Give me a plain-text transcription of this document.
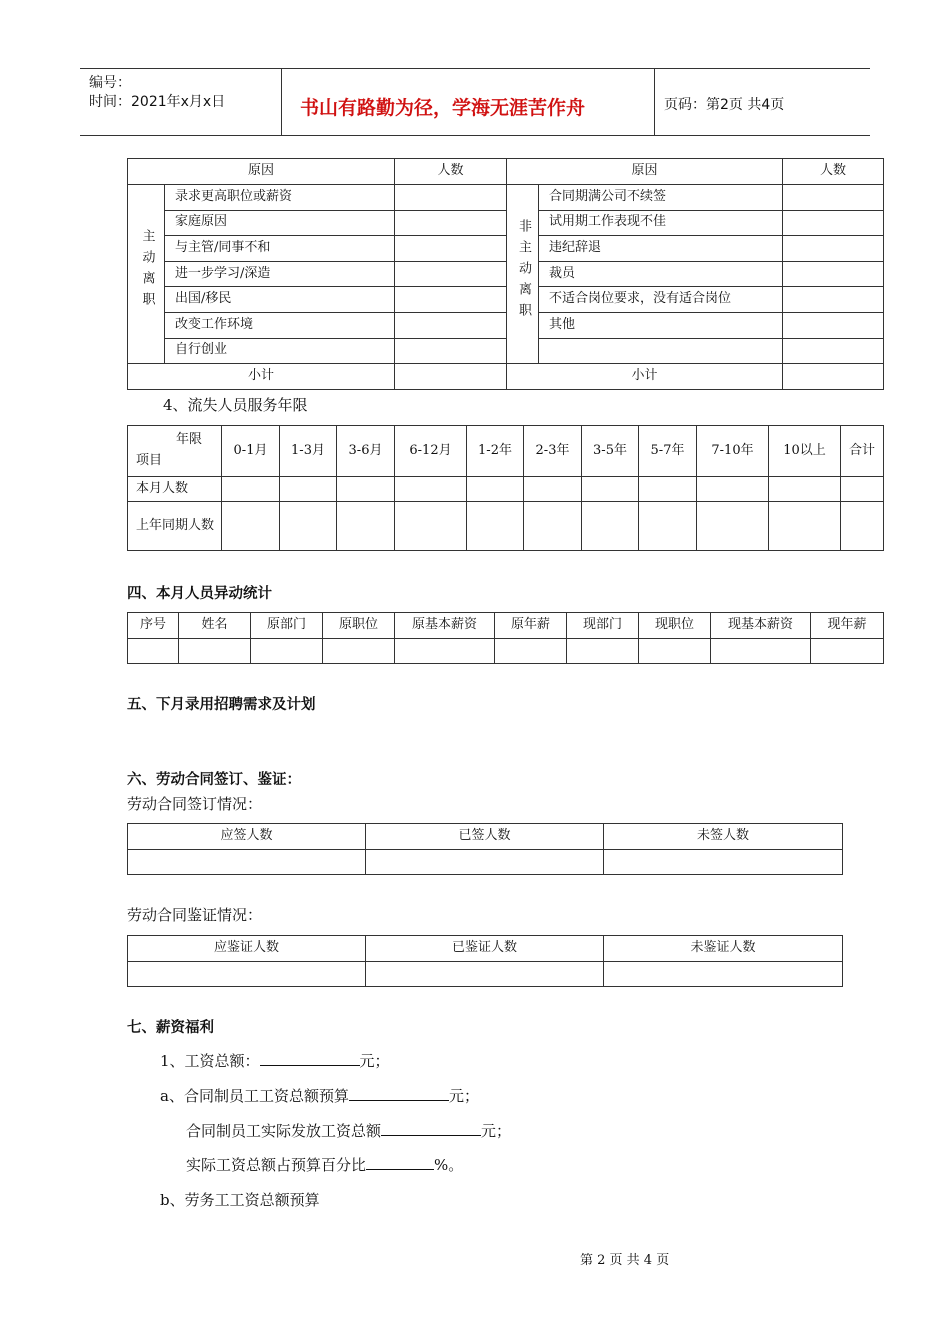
编号：
时间：2021年x月x日	书山有路勤为径，学海无涯苦作舟	页码：第2页 共4页
原因		人数	原因		人数
主动离职	录求更高职位或薪资		非主动离职	合同期满公司不续签	
	家庭原因			试用期工作表现不佳	
	与主管/同事不和			违纪辞退	
	进一步学习/深造			裁员	
	出国/移民			不适合岗位要求，没有适合岗位	
	改变工作环境			其他	
	自行创业				
小计			小计		
4、流失人员服务年限
年限
项目	0-1月	1-3月	3-6月	6-12月	1-2年	2-3年	3-5年	5-7年	7-10年	10以上	合计
本月人数											
上年同期人数											
四、本月人员异动统计
序号	姓名	原部门	原职位	原基本薪资	原年薪	现部门	现职位	现基本薪资	现年薪

五、下月录用招聘需求及计划
六、劳动合同签订、鉴证：
劳动合同签订情况：
应签人数	已签人数	未签人数

劳动合同鉴证情况：
应鉴证人数	已鉴证人数	未鉴证人数

七、薪资福利
1、工资总额：	元；
a、合同制员工工资总额预算	元；
合同制员工实际发放工资总额	元；
实际工资总额占预算百分比	%。
b、劳务工工资总额预算
第 2 页 共 4 页
